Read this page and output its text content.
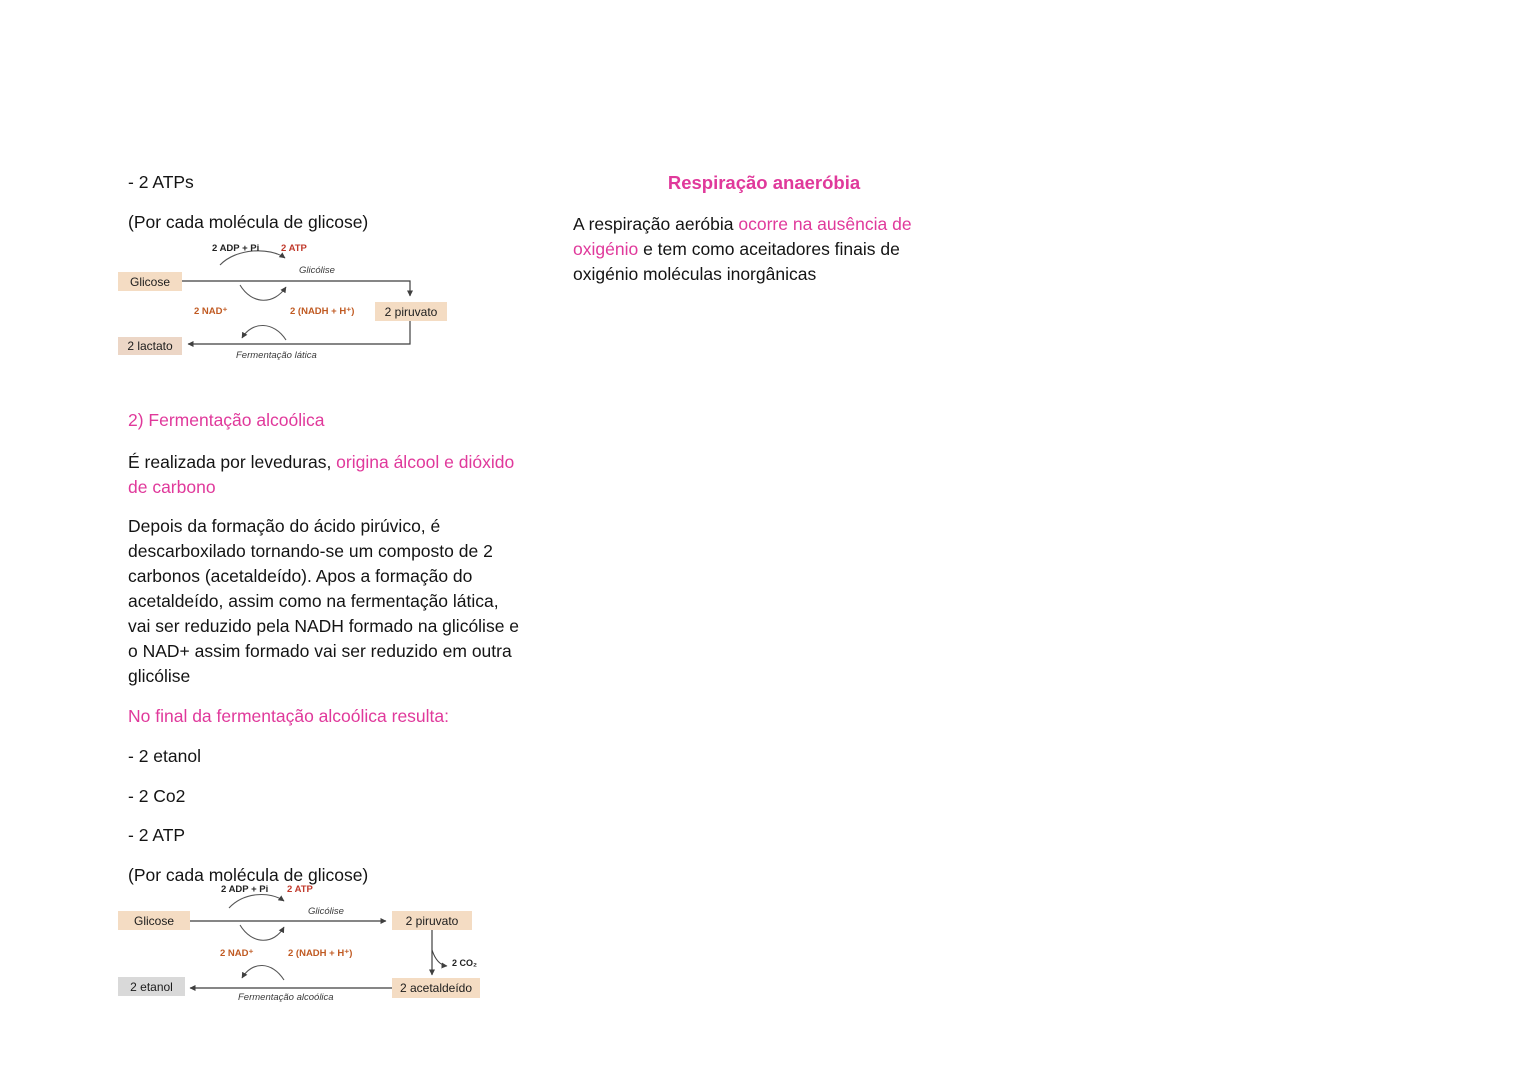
- 2 ATPs

(Por cada molécula de glicose)

2 ADP + Pi 2 ATP
Glicólise
Glicose
2 NAD⁺	2 (NADH + H⁺)	2 piruvato
2 lactato
Fermentação lática

2) Fermentação alcoólica

É realizada por leveduras, origina álcool e dióxido de carbono

Depois da formação do ácido pirúvico, é descarboxilado tornando-se um composto de 2 carbonos (acetaldeído). Apos a formação do acetaldeído, assim como na fermentação lática, vai ser reduzido pela NADH formado na glicólise e o NAD+ assim formado vai ser reduzido em outra glicólise

No final da fermentação alcoólica resulta:

- 2 etanol

- 2 Co2

- 2 ATP

(Por cada molécula de glicose)

2 ADP + Pi 2 ATP
Glicólise
Glicose	2 piruvato
2 NAD⁺	2 (NADH + H⁺)
2 CO₂
2 acetaldeído
2 etanol
Fermentação alcoólica

Respiração anaeróbia

A respiração aeróbia ocorre na ausência de oxigénio e tem como aceitadores finais de oxigénio moléculas inorgânicas
